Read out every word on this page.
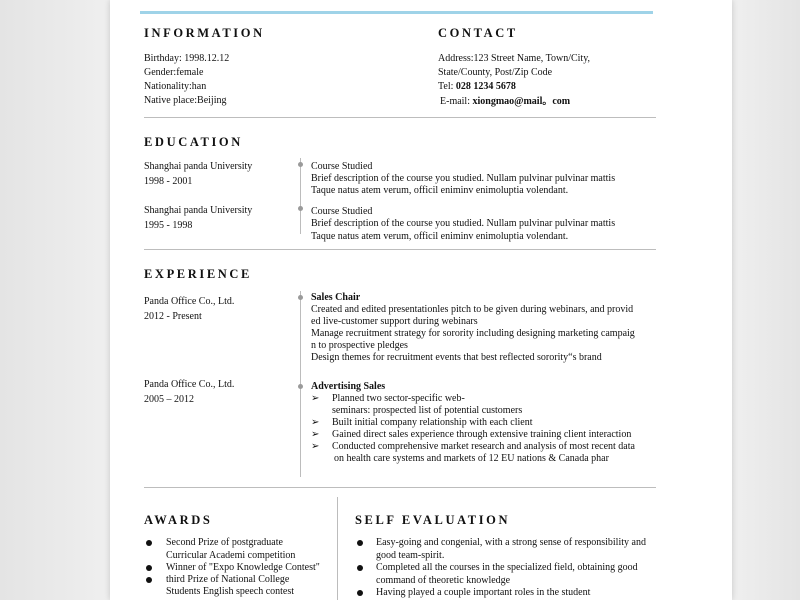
INFORMATION
Birthday: 1998.12.12
Gender:female
Nationality:han
Native place:Beijing
CONTACT
Address:123 Street Name, Town/City,
State/County, Post/Zip Code
Tel: 028 1234 5678
E-mail: xiongmao@mail。com
EDUCATION
Shanghai panda University
1998 - 2001
Course Studied
Brief description of the course you studied. Nullam pulvinar pulvinar mattis
Taque natus atem verum, officil eniminv enimoluptia volendant.
Shanghai panda University
1995 - 1998
Course Studied
Brief description of the course you studied. Nullam pulvinar pulvinar mattis
Taque natus atem verum, officil eniminv enimoluptia volendant.
EXPERIENCE
Panda Office Co., Ltd.
2012 - Present
Sales Chair
Created and edited presentationles pitch to be given during webinars, and provid
ed live-customer support during webinars
Manage recruitment strategy for sorority including designing marketing campaig
n to prospective pledges
Design themes for recruitment events that best reflected sorority“s brand
Panda Office Co., Ltd.
2005 – 2012
Advertising Sales
➢ Planned two sector-specific web-
seminars: prospected list of potential customers
➢ Built initial company relationship with each client
➢ Gained direct sales experience through extensive training client interaction
➢ Conducted comprehensive market research and analysis of most recent data
on health care systems and markets of 12 EU nations & Canada phar
AWARDS
Second Prize of postgraduate
Curricular Academi competition
Winner of "Expo Knowledge Contest"
third Prize of National College
Students English speech contest
SELF EVALUATION
Easy-going and congenial, with a strong sense of responsibility and
good team-spirit.
Completed all the courses in the specialized field, obtaining good
command of theoretic knowledge
Having played a couple important roles in the student
